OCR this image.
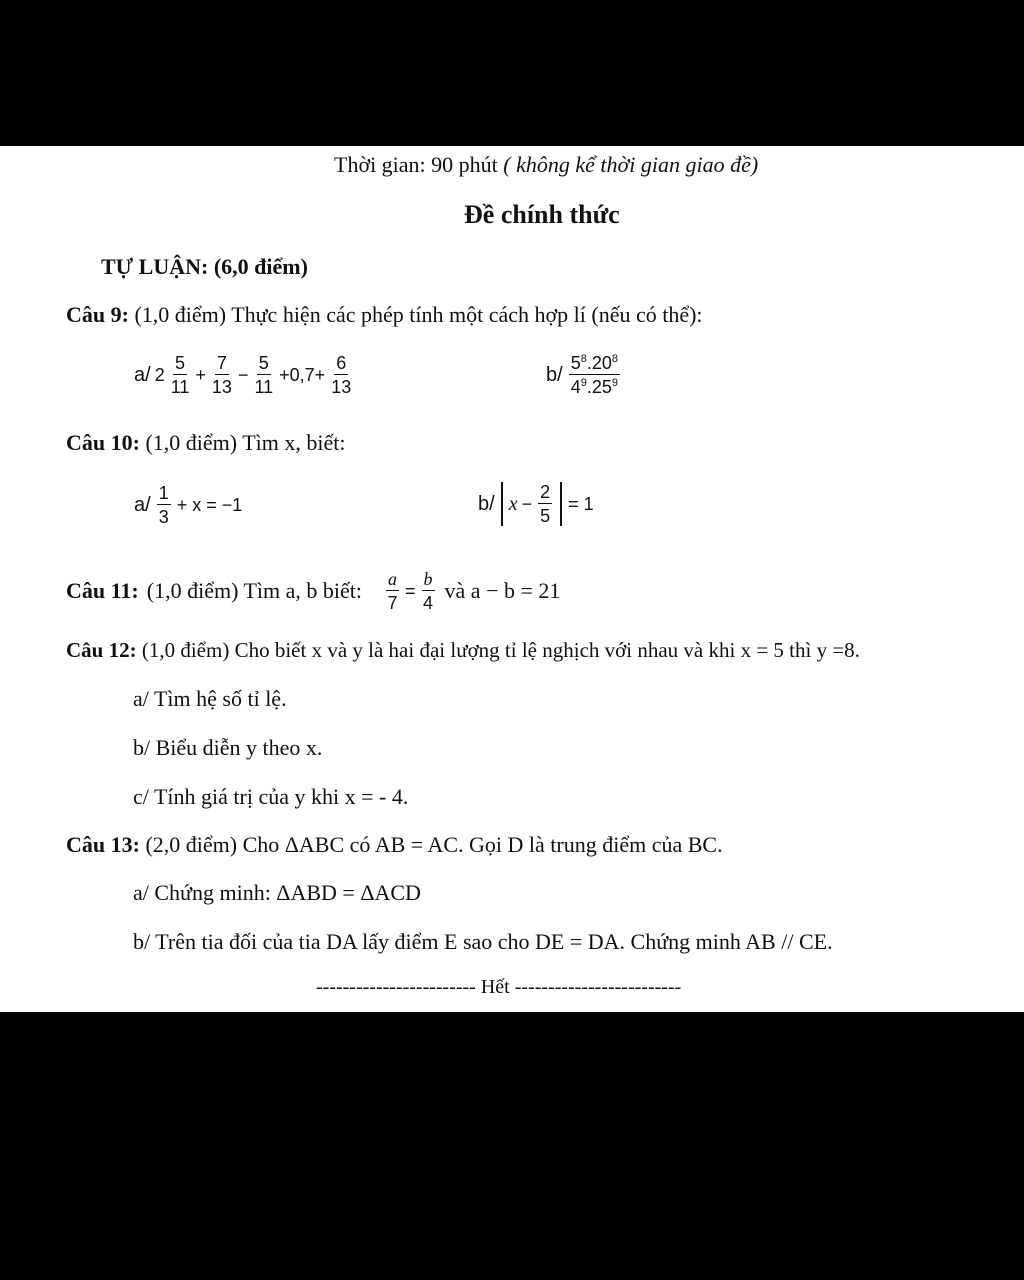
Thời gian: 90 phút ( không kể thời gian giao đề)
Đề chính thức
TỰ LUẬN: (6,0 điểm)
Câu 9: (1,0 điểm) Thực hiện các phép tính một cách hợp lí (nếu có thể):
a/ $2 \frac{5}{11} + \frac{7}{13} - \frac{5}{11} +0,7+ \frac{6}{13}$	$b/ \frac{5^8.20^8}{4^9.25^9}$
Câu 10: (1,0 điểm) Tìm x, biết:
$a/ \frac{1}{3} + x = -1$	b/ $x - \frac{2}{5} = 1$
Câu 11: (1,0 điểm) Tìm a, b biết: $\frac{a}{7} = \frac{b}{4}$ và a − b = 21
Câu 12: (1,0 điểm) Cho biết x và y là hai đại lượng tỉ lệ nghịch với nhau và khi x = 5 thì y =8.
a/ Tìm hệ số tỉ lệ.
b/ Biểu diễn y theo x.
c/ Tính giá trị của y khi x = - 4.
Câu 13: (2,0 điểm) Cho ΔABC có AB = AC. Gọi D là trung điểm của BC.
a/ Chứng minh: ΔABD = ΔACD
b/ Trên tia đối của tia DA lấy điểm E sao cho DE = DA. Chứng minh AB // CE.
------------------------ Hết -------------------------
